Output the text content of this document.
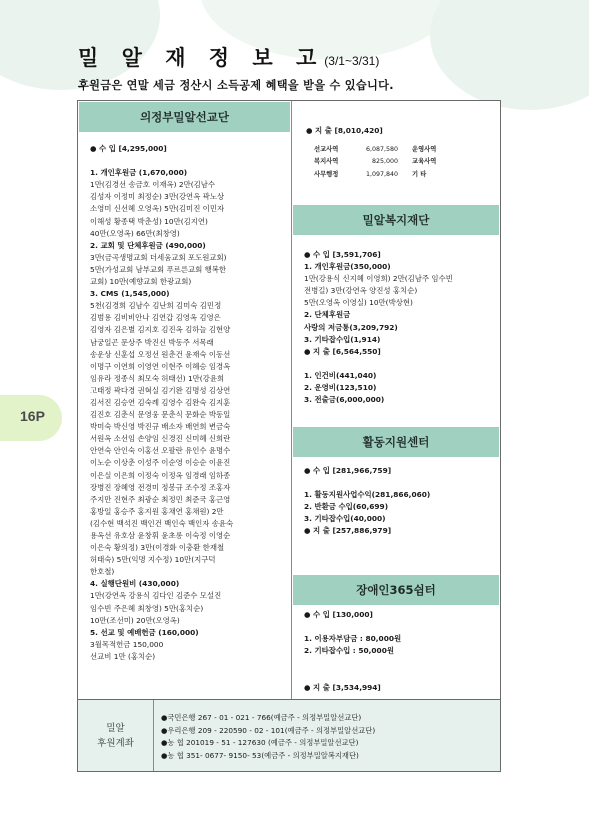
16P
밀 알 재 정 보 고(3/1~3/31)
후원금은 연말 세금 정산시 소득공제 혜택을 받을 수 있습니다.
의정부밀알선교단
● 수 입 [4,295,000]

1. 개인후원금 (1,670,000)
1만(김경선 송금호 이재옥) 2만(김남수
김성자 이정미 최정순) 3만(강연옥 곽노상
소영미 신선혜 오영옥) 5만(김미진 이민자
이해성 황종택 박춘성) 10만(김지연)
40만(오영옥) 66만(최창영)
2. 교회 및 단체후원금 (490,000)
3만(금곡생명교회 더세움교회 포도원교회)
5만(가성교회 남부교회 푸르른교회 행복한
교회) 10만(예향교회 한광교회)
3. CMS (1,545,000)
5천(김경희 김남수 김난희 김미숙 김민정
김범용 김비비안나 김연갑 김영옥 김영은
김영자 김은별 김지호 김진옥 김하늘 김현양
남궁일곤 문상주 박진신 박동주 서목래
송운상 신훈섭 오정선 원춘건 윤재숙 이동선
이명구 이연희 이영연 이현주 이혜승 임경옥
임유라 정종식 최모숙 허태선) 1만(강윤희
고태정 곽다경 권혁실 김기완 김명성 김상연
김서진 김승연 김숙례 김영수 김완숙 김지훈
김진호 김춘식 문영웅 문춘식 문화순 박동일
박미숙 박신영 박진규 배소자 배연희 변금숙
서원옥 소선임 손양임 신경진 신미혜 신희란
안연숙 안인숙 이홍선 오팔란 유인수 윤명수
이노순 이상춘 이성주 이순영 이승순 이윤진
이은실 이은희 이정숙 이정옥 임경래 임하종
장병진 장혜영 전경미 정봉규 조수정 조홍자
주지만 진현주 최광순 최정민 최준국 홍근영
홍방일 홍승주 홍지원 홍채연 홍채원) 2만
(김수현 백석진 백인건 백인숙 백인자 송윤숙
용옥선 유호삼 윤창휘 윤초롱 이숙정 이영순
이은숙 황의정) 3만(이경화 이충환 한재철
허태숙) 5만(익명 지수정) 10만(지구덕
한호철)
4. 실행단원비 (430,000)
1만(강연옥 강용식 김다인 김준수 모설진
임수빈 주은혜 최창영) 5만(홍치순)
10만(조선미) 20만(오영옥)
5. 선교 및 예배헌금 (160,000)
3월목적헌금 150,000
선교비 1만 (홍치순)
● 지 출 [8,010,420]
선교사역	6,087,580	운영사역
복지사역	825,000	교육사역
사무행정	1,097,840	기 타
밀알복지재단
● 수 입 [3,591,706]
1. 개인후원금(350,000)
1만(강용식 신지혜 이영희) 2만(김남주 임수빈
전병길) 3만(강연옥 양진성 홍치순)
5만(오영옥 이영실) 10만(박상현)
2. 단체후원금
사랑의 저금통(3,209,792)
3. 기타잡수입(1,914)
● 지 출 [6,564,550]

1. 인건비(441,040)
2. 운영비(123,510)
3. 전출금(6,000,000)
활동지원센터
● 수 입 [281,966,759]

1. 활동지원사업수익(281,866,060)
2. 반환금 수입(60,699)
3. 기타잡수입(40,000)
● 지 출 [257,886,979]
장애인365쉼터
● 수 입 [130,000]

1. 이용자부담금 : 80,000원
2. 기타잡수입 : 50,000원

● 지 출 [3,534,994]
밀알
후원계좌
●국민은행 267 - 01 - 021 - 766(예금주 - 의정부밀알선교단)
●우리은행 209 - 220590 - 02 - 101(예금주 - 의정부밀알선교단)
●농 협 201019 - 51 - 127630 (예금주 - 의정부밀알선교단)
●농 협 351- 0677- 9150- 53(예금주 - 의정부밀알복지재단)
